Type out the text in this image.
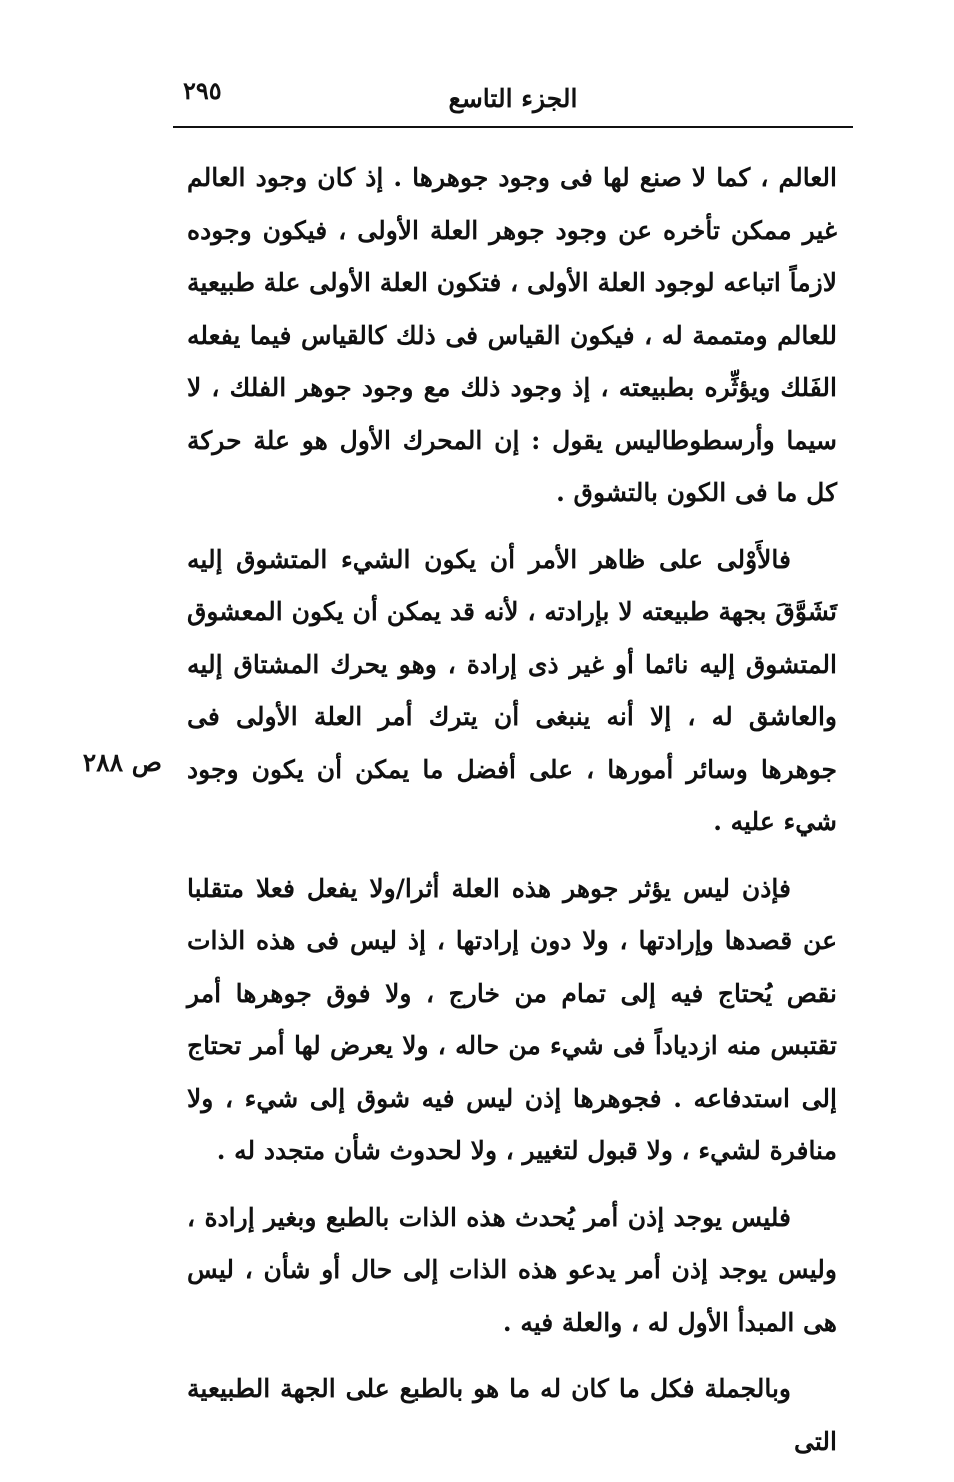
٢٩٥	الجزء التاسع
ص ٢٨٨

العالم ، كما لا صنع لها فى وجود جوهرها . إذ كان وجود العالم غير ممكن تأخره عن وجود جوهر العلة الأولى ، فيكون وجوده لازماً اتباعه لوجود العلة الأولى ، فتكون العلة الأولى علة طبيعية للعالم ومتممة له ، فيكون القياس فى ذلك كالقياس فيما يفعله الفَلك ويؤثِّره بطبيعته ، إذ وجود ذلك مع وجود جوهر الفلك ، لا سيما وأرسطوطاليس يقول : إن المحرك الأول هو علة حركة كل ما فى الكون بالتشوق .

فالأَوْلى على ظاهر الأمر أن يكون الشيء المتشوق إليه تَشَوَّقَ بجهة طبيعته لا بإرادته ، لأنه قد يمكن أن يكون المعشوق المتشوق إليه نائما أو غير ذى إرادة ، وهو يحرك المشتاق إليه والعاشق له ، إلا أنه ينبغى أن يترك أمر العلة الأولى فى جوهرها وسائر أمورها ، على أفضل ما يمكن أن يكون وجود شيء عليه .

فإذن ليس يؤثر جوهر هذه العلة أثرا/ولا يفعل فعلا متقلبا عن قصدها وإرادتها ، ولا دون إرادتها ، إذ ليس فى هذه الذات نقص يُحتاج فيه إلى تمام من خارج ، ولا فوق جوهرها أمر تقتبس منه ازدياداً فى شيء من حاله ، ولا يعرض لها أمر تحتاج إلى استدفاعه . فجوهرها إذن ليس فيه شوق إلى شيء ، ولا منافرة لشيء ، ولا قبول لتغيير ، ولا لحدوث شأن متجدد له .

فليس يوجد إذن أمر يُحدث هذه الذات بالطبع وبغير إرادة ، وليس يوجد إذن أمر يدعو هذه الذات إلى حال أو شأن ، ليس هى المبدأ الأول له ، والعلة فيه .

وبالجملة فكل ما كان له ما هو بالطبع على الجهة الطبيعية التى
